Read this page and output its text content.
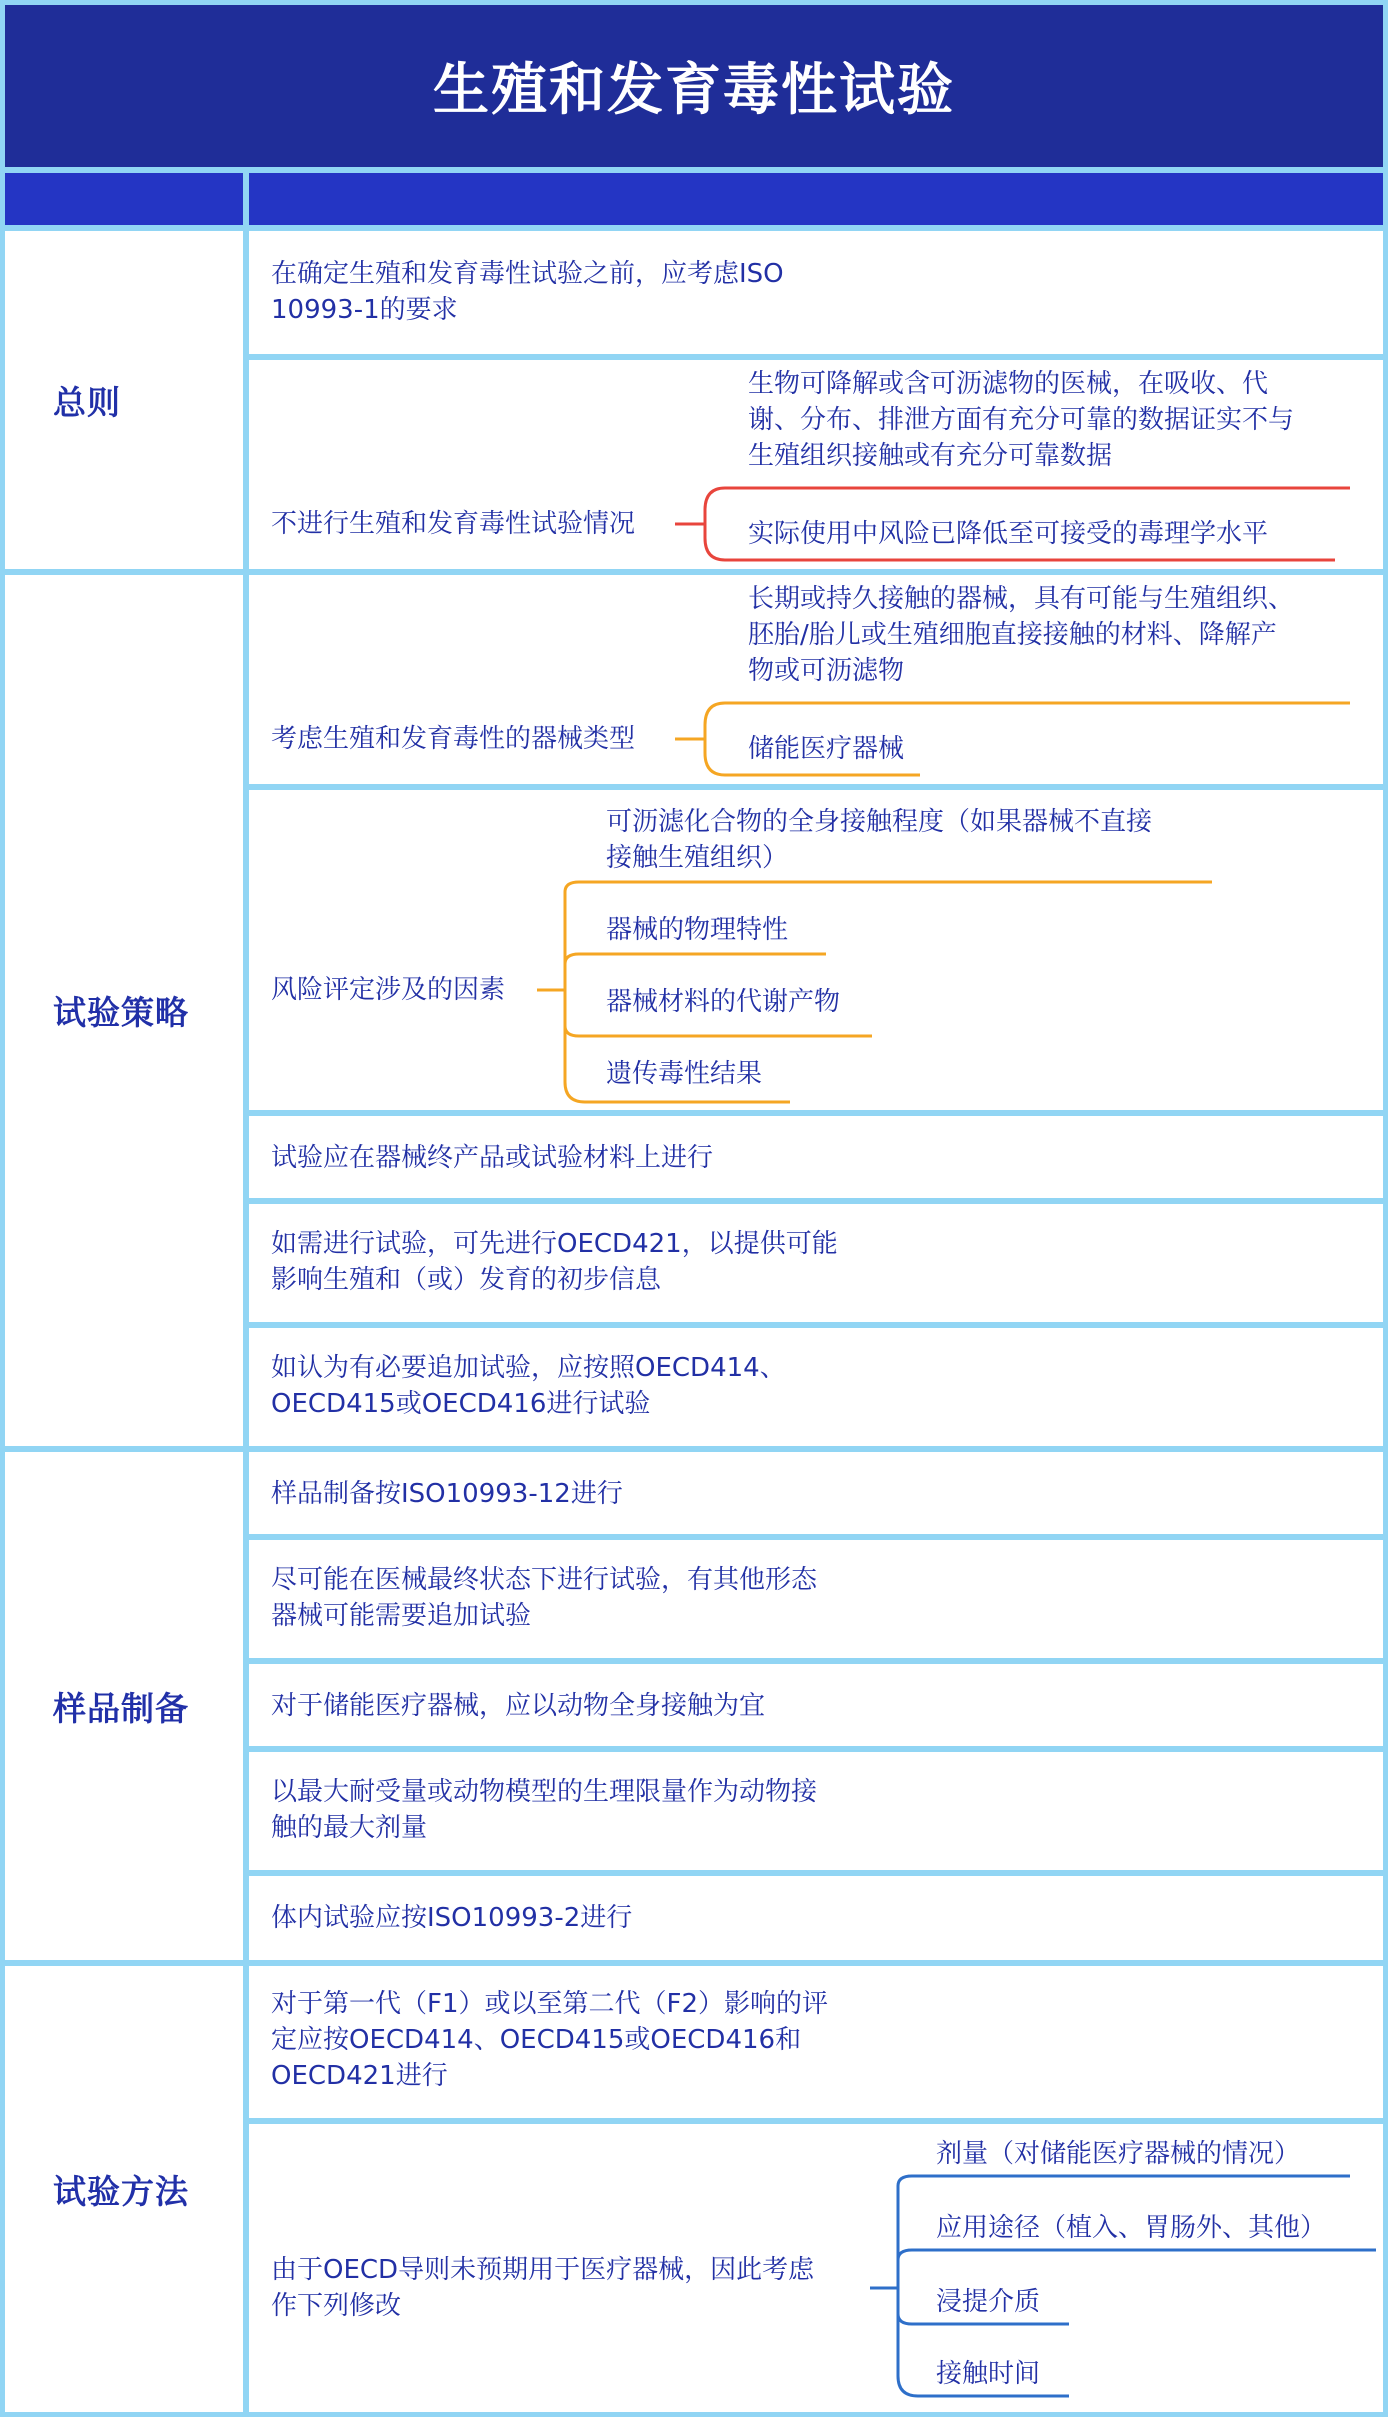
生殖和发育毒性试验
总则
试验策略
样品制备
试验方法
在确定生殖和发育毒性试验之前，应考虑ISO
10993-1的要求
不进行生殖和发育毒性试验情况
生物可降解或含可沥滤物的医械，在吸收、代
谢、分布、排泄方面有充分可靠的数据证实不与
生殖组织接触或有充分可靠数据
实际使用中风险已降低至可接受的毒理学水平
考虑生殖和发育毒性的器械类型
长期或持久接触的器械，具有可能与生殖组织、
胚胎/胎儿或生殖细胞直接接触的材料、降解产
物或可沥滤物
储能医疗器械
风险评定涉及的因素
可沥滤化合物的全身接触程度（如果器械不直接
接触生殖组织）
器械的物理特性
器械材料的代谢产物
遗传毒性结果
试验应在器械终产品或试验材料上进行
如需进行试验，可先进行OECD421，以提供可能
影响生殖和（或）发育的初步信息
如认为有必要追加试验，应按照OECD414、
OECD415或OECD416进行试验
样品制备按ISO10993-12进行
尽可能在医械最终状态下进行试验，有其他形态
器械可能需要追加试验
对于储能医疗器械，应以动物全身接触为宜
以最大耐受量或动物模型的生理限量作为动物接
触的最大剂量
体内试验应按ISO10993-2进行
对于第一代（F1）或以至第二代（F2）影响的评
定应按OECD414、OECD415或OECD416和
OECD421进行
由于OECD导则未预期用于医疗器械，因此考虑
作下列修改
剂量（对储能医疗器械的情况）
应用途径（植入、胃肠外、其他）
浸提介质
接触时间
